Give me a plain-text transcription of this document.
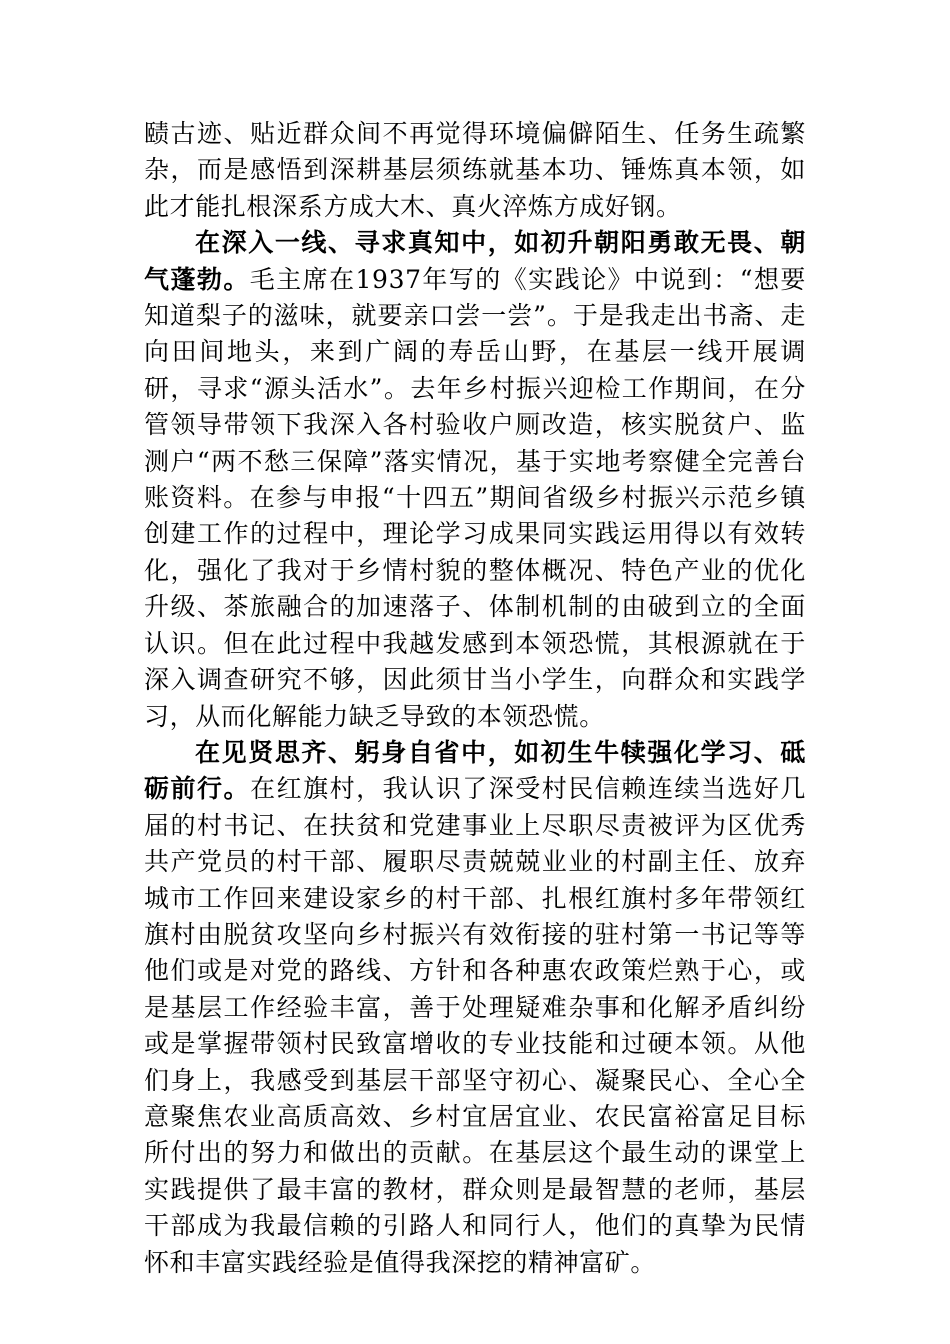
赜古迹、贴近群众间不再觉得环境偏僻陌生、任务生疏繁杂，而是感悟到深耕基层须练就基本功、锤炼真本领，如此才能扎根深系方成大木、真火淬炼方成好钢。

在深入一线、寻求真知中，如初升朝阳勇敢无畏、朝气蓬勃。毛主席在1937年写的《实践论》中说到：“想要知道梨子的滋味，就要亲口尝一尝”。于是我走出书斋、走向田间地头，来到广阔的寿岳山野，在基层一线开展调研，寻求“源头活水”。去年乡村振兴迎检工作期间，在分管领导带领下我深入各村验收户厕改造，核实脱贫户、监测户“两不愁三保障”落实情况，基于实地考察健全完善台账资料。在参与申报“十四五”期间省级乡村振兴示范乡镇创建工作的过程中，理论学习成果同实践运用得以有效转化，强化了我对于乡情村貌的整体概况、特色产业的优化升级、茶旅融合的加速落子、体制机制的由破到立的全面认识。但在此过程中我越发感到本领恐慌，其根源就在于深入调查研究不够，因此须甘当小学生，向群众和实践学习，从而化解能力缺乏导致的本领恐慌。

在见贤思齐、躬身自省中，如初生牛犊强化学习、砥砺前行。在红旗村，我认识了深受村民信赖连续当选好几届的村书记、在扶贫和党建事业上尽职尽责被评为区优秀共产党员的村干部、履职尽责兢兢业业的村副主任、放弃城市工作回来建设家乡的村干部、扎根红旗村多年带领红旗村由脱贫攻坚向乡村振兴有效衔接的驻村第一书记等等他们或是对党的路线、方针和各种惠农政策烂熟于心，或是基层工作经验丰富，善于处理疑难杂事和化解矛盾纠纷或是掌握带领村民致富增收的专业技能和过硬本领。从他们身上，我感受到基层干部坚守初心、凝聚民心、全心全意聚焦农业高质高效、乡村宜居宜业、农民富裕富足目标所付出的努力和做出的贡献。在基层这个最生动的课堂上实践提供了最丰富的教材，群众则是最智慧的老师，基层干部成为我最信赖的引路人和同行人，他们的真挚为民情怀和丰富实践经验是值得我深挖的精神富矿。
